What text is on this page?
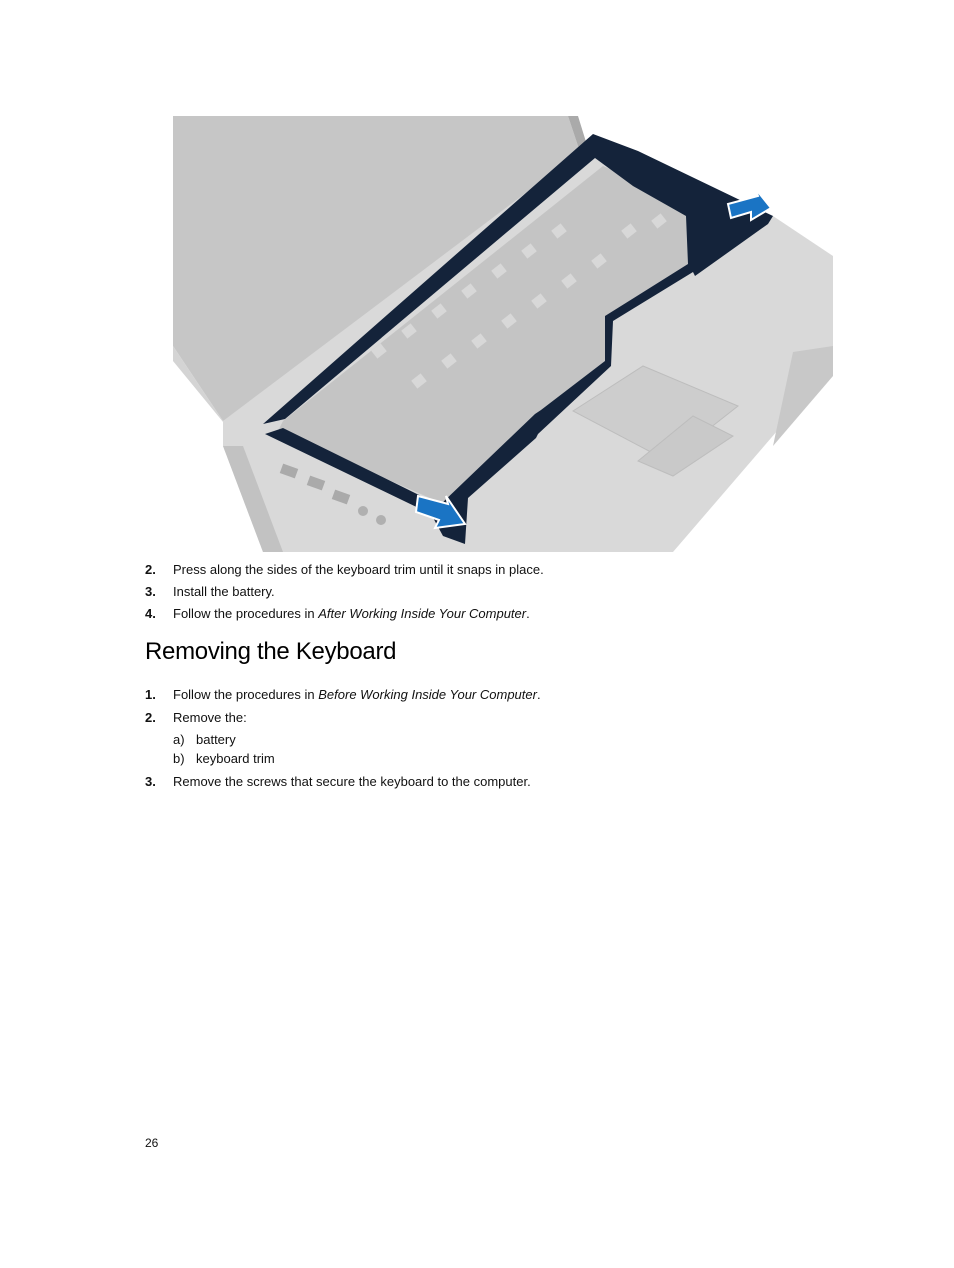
2. Press along the sides of the keyboard trim until it snaps in place.
3. Install the battery.
4. Follow the procedures in After Working Inside Your Computer.
Removing the Keyboard
1. Follow the procedures in Before Working Inside Your Computer.
2. Remove the:
a) battery
b) keyboard trim
3. Remove the screws that secure the keyboard to the computer.
26
